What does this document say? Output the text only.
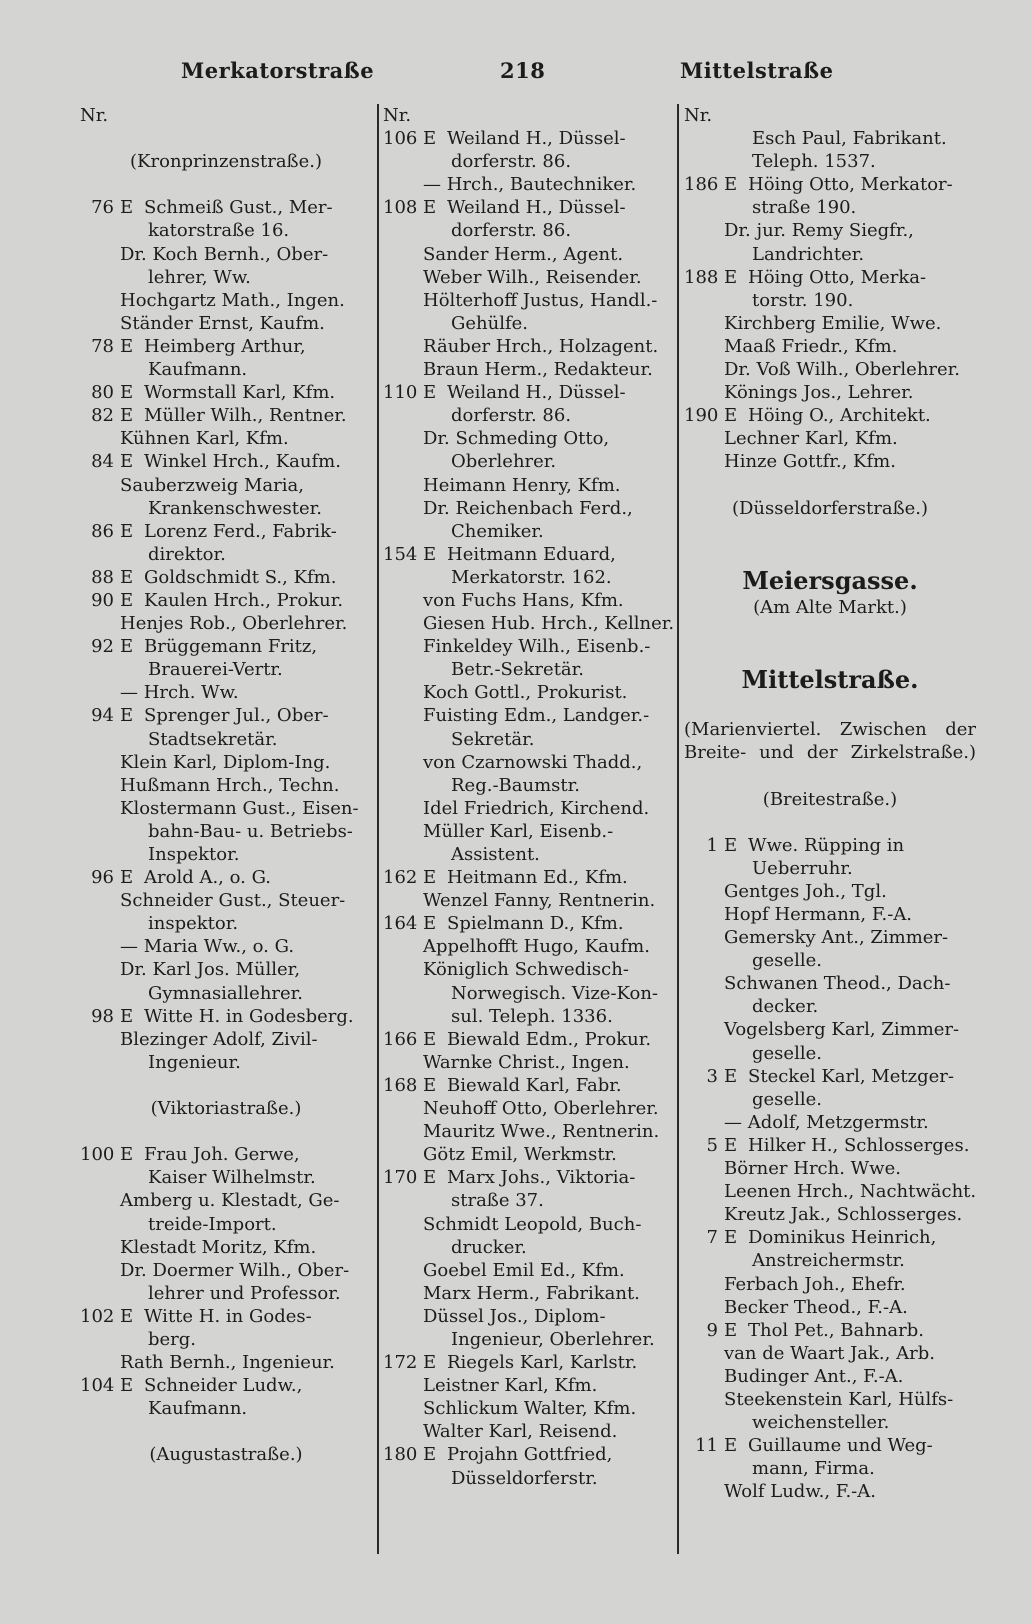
Merkatorstraße	218	Mittelstraße
Nr.
(Kronprinzenstraße.)
76 E Schmeiß Gust., Mer-
katorstraße 16.
Dr. Koch Bernh., Ober-
lehrer, Ww.
Hochgartz Math., Ingen.
Ständer Ernst, Kaufm.
78 E Heimberg Arthur,
Kaufmann.
80 E Wormstall Karl, Kfm.
82 E Müller Wilh., Rentner.
Kühnen Karl, Kfm.
84 E Winkel Hrch., Kaufm.
Sauberzweig Maria,
Krankenschwester.
86 E Lorenz Ferd., Fabrik-
direktor.
88 E Goldschmidt S., Kfm.
90 E Kaulen Hrch., Prokur.
Henjes Rob., Oberlehrer.
92 E Brüggemann Fritz,
Brauerei-Vertr.
— Hrch. Ww.
94 E Sprenger Jul., Ober-
Stadtsekretär.
Klein Karl, Diplom-Ing.
Hußmann Hrch., Techn.
Klostermann Gust., Eisen-
bahn-Bau- u. Betriebs-
Inspektor.
96 E Arold A., o. G.
Schneider Gust., Steuer-
inspektor.
— Maria Ww., o. G.
Dr. Karl Jos. Müller,
Gymnasiallehrer.
98 E Witte H. in Godesberg.
Blezinger Adolf, Zivil-
Ingenieur.
(Viktoriastraße.)
100 E Frau Joh. Gerwe,
Kaiser Wilhelmstr.
Amberg u. Klestadt, Ge-
treide-Import.
Klestadt Moritz, Kfm.
Dr. Doermer Wilh., Ober-
lehrer und Professor.
102 E Witte H. in Godes-
berg.
Rath Bernh., Ingenieur.
104 E Schneider Ludw.,
Kaufmann.
(Augustastraße.)
Nr.
106 E Weiland H., Düssel-
dorferstr. 86.
— Hrch., Bautechniker.
108 E Weiland H., Düssel-
dorferstr. 86.
Sander Herm., Agent.
Weber Wilh., Reisender.
Hölterhoff Justus, Handl.-
Gehülfe.
Räuber Hrch., Holzagent.
Braun Herm., Redakteur.
110 E Weiland H., Düssel-
dorferstr. 86.
Dr. Schmeding Otto,
Oberlehrer.
Heimann Henry, Kfm.
Dr. Reichenbach Ferd.,
Chemiker.
154 E Heitmann Eduard,
Merkatorstr. 162.
von Fuchs Hans, Kfm.
Giesen Hub. Hrch., Kellner.
Finkeldey Wilh., Eisenb.-
Betr.-Sekretär.
Koch Gottl., Prokurist.
Fuisting Edm., Landger.-
Sekretär.
von Czarnowski Thadd.,
Reg.-Baumstr.
Idel Friedrich, Kirchend.
Müller Karl, Eisenb.-
Assistent.
162 E Heitmann Ed., Kfm.
Wenzel Fanny, Rentnerin.
164 E Spielmann D., Kfm.
Appelhofft Hugo, Kaufm.
Königlich Schwedisch-
Norwegisch. Vize-Kon-
sul. Teleph. 1336.
166 E Biewald Edm., Prokur.
Warnke Christ., Ingen.
168 E Biewald Karl, Fabr.
Neuhoff Otto, Oberlehrer.
Mauritz Wwe., Rentnerin.
Götz Emil, Werkmstr.
170 E Marx Johs., Viktoria-
straße 37.
Schmidt Leopold, Buch-
drucker.
Goebel Emil Ed., Kfm.
Marx Herm., Fabrikant.
Düssel Jos., Diplom-
Ingenieur, Oberlehrer.
172 E Riegels Karl, Karlstr.
Leistner Karl, Kfm.
Schlickum Walter, Kfm.
Walter Karl, Reisend.
180 E Projahn Gottfried,
Düsseldorferstr.
Nr.
Esch Paul, Fabrikant.
Teleph. 1537.
186 E Höing Otto, Merkator-
straße 190.
Dr. jur. Remy Siegfr.,
Landrichter.
188 E Höing Otto, Merka-
torstr. 190.
Kirchberg Emilie, Wwe.
Maaß Friedr., Kfm.
Dr. Voß Wilh., Oberlehrer.
Könings Jos., Lehrer.
190 E Höing O., Architekt.
Lechner Karl, Kfm.
Hinze Gottfr., Kfm.
(Düsseldorferstraße.)
Meiersgasse.
(Am Alte Markt.)
Mittelstraße.
(Marienviertel. Zwischen der
Breite- und der Zirkelstraße.)
(Breitestraße.)
1 E Wwe. Rüpping in
Ueberruhr.
Gentges Joh., Tgl.
Hopf Hermann, F.-A.
Gemersky Ant., Zimmer-
geselle.
Schwanen Theod., Dach-
decker.
Vogelsberg Karl, Zimmer-
geselle.
3 E Steckel Karl, Metzger-
geselle.
— Adolf, Metzgermstr.
5 E Hilker H., Schlosserges.
Börner Hrch. Wwe.
Leenen Hrch., Nachtwächt.
Kreutz Jak., Schlosserges.
7 E Dominikus Heinrich,
Anstreichermstr.
Ferbach Joh., Ehefr.
Becker Theod., F.-A.
9 E Thol Pet., Bahnarb.
van de Waart Jak., Arb.
Budinger Ant., F.-A.
Steekenstein Karl, Hülfs-
weichensteller.
11 E Guillaume und Weg-
mann, Firma.
Wolf Ludw., F.-A.
